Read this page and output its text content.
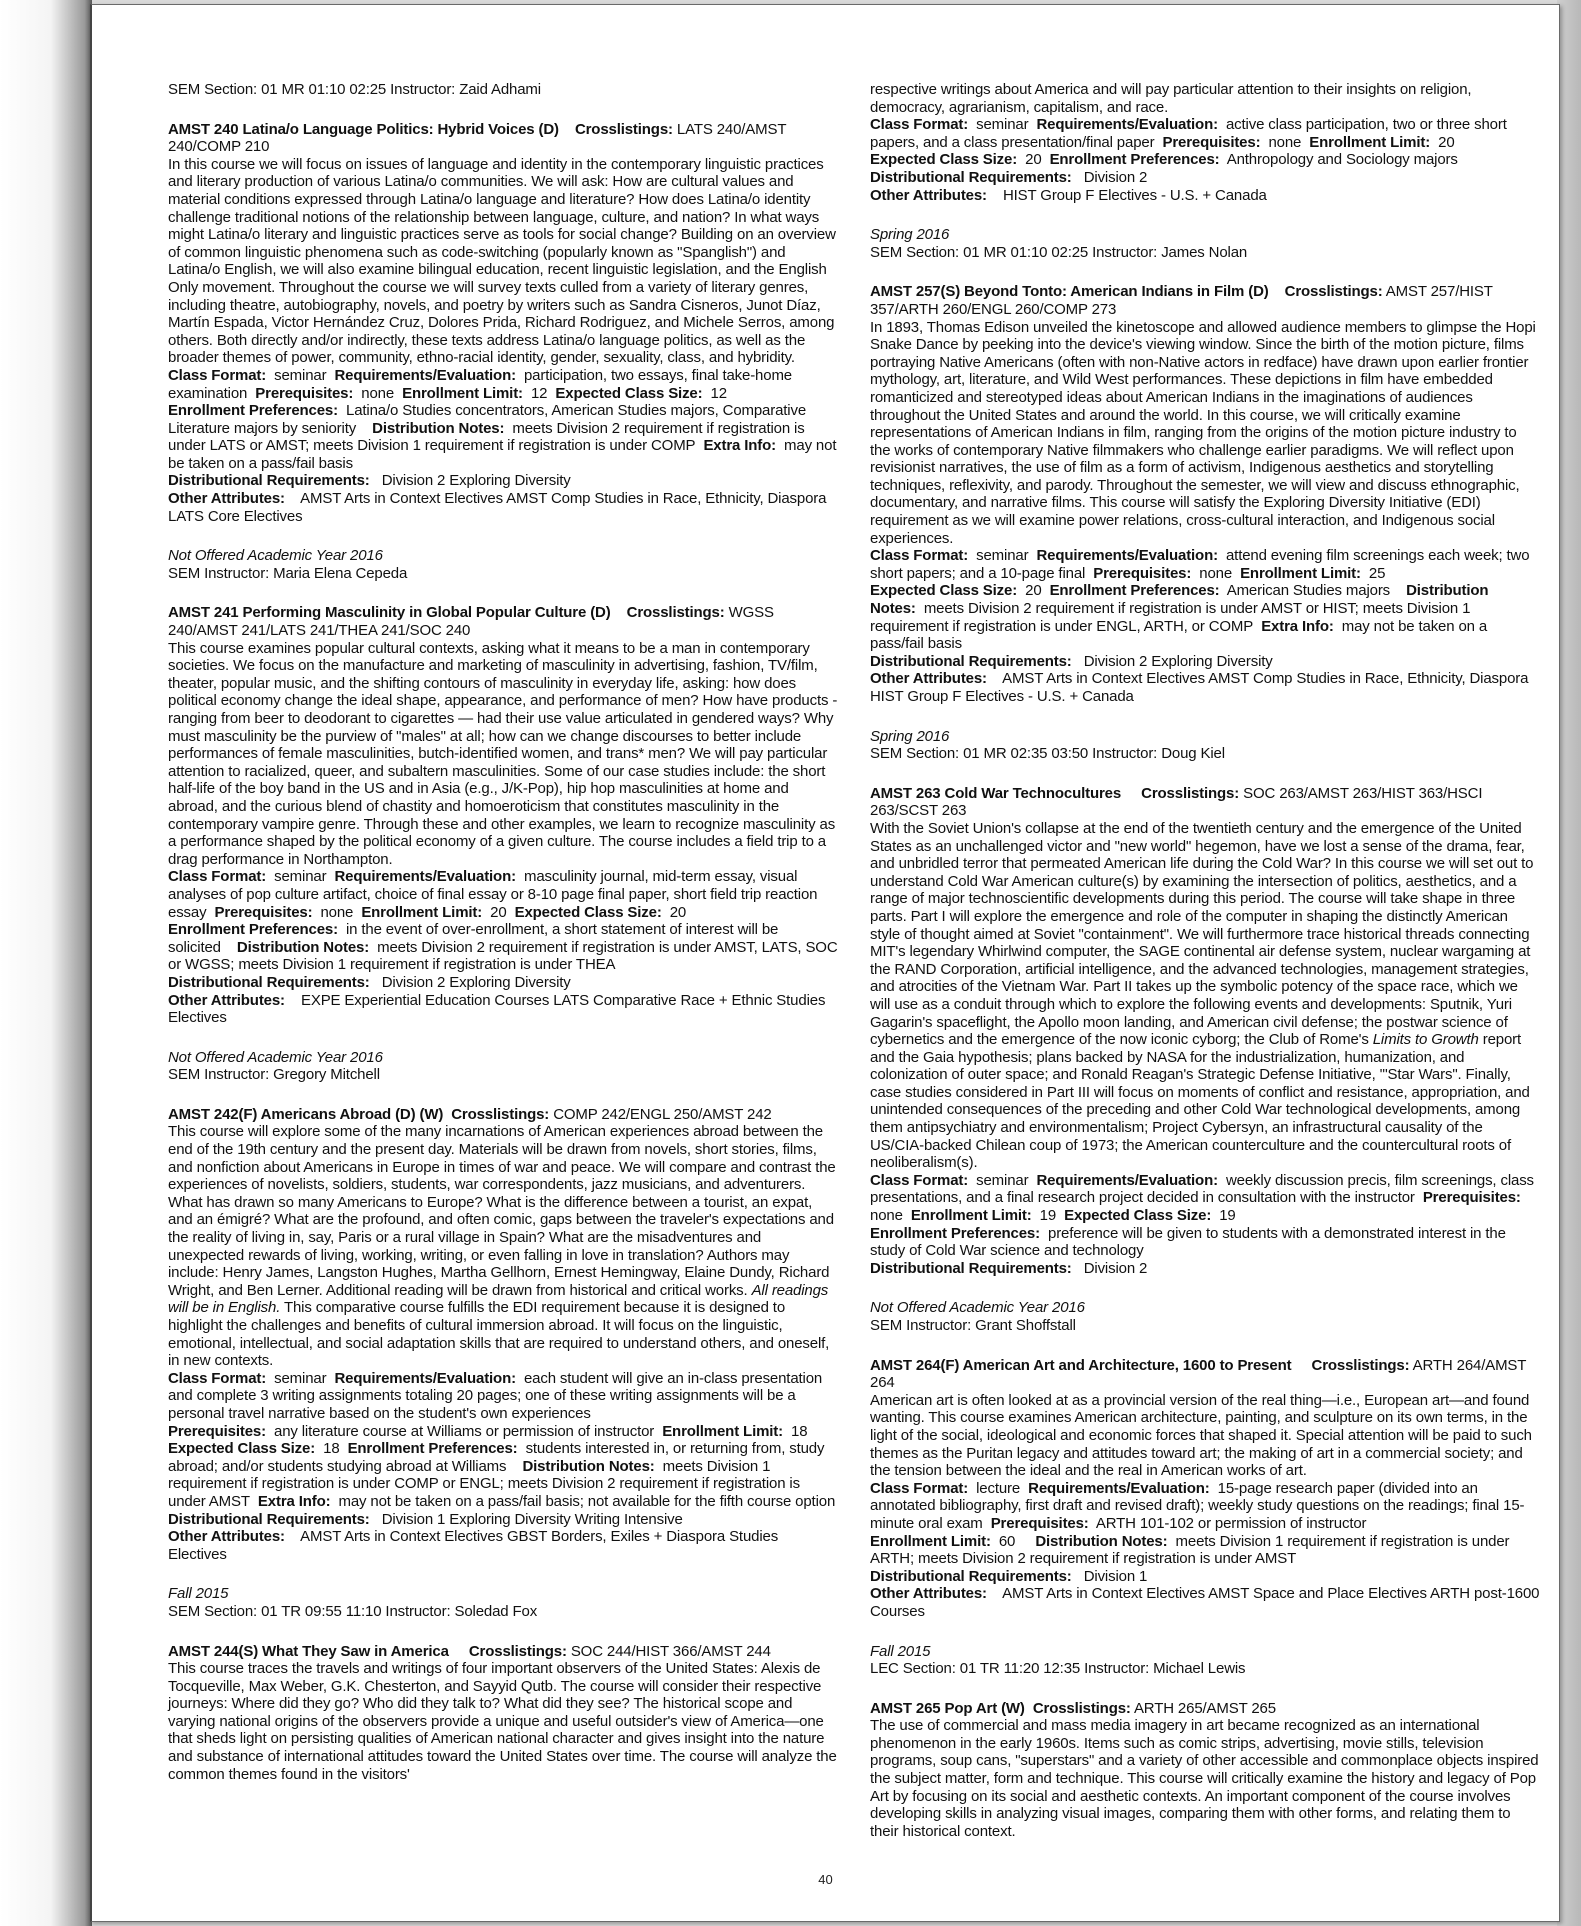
SEM Section: 01 MR 01:10 02:25 Instructor: Zaid Adhami

AMST 240 Latina/o Language Politics: Hybrid Voices (D) Crosslistings: LATS 240/AMST 240/COMP 210

In this course we will focus on issues of language and identity in the contemporary linguistic practices and literary production of various Latina/o communities. We will ask: How are cultural values and material conditions expressed through Latina/o language and literature? How does Latina/o identity challenge traditional notions of the relationship between language, culture, and nation? In what ways might Latina/o literary and linguistic practices serve as tools for social change? Building on an overview of common linguistic phenomena such as code-switching (popularly known as "Spanglish") and Latina/o English, we will also examine bilingual education, recent linguistic legislation, and the English Only movement. Throughout the course we will survey texts culled from a variety of literary genres, including theatre, autobiography, novels, and poetry by writers such as Sandra Cisneros, Junot Díaz, Martín Espada, Victor Hernández Cruz, Dolores Prida, Richard Rodriguez, and Michele Serros, among others. Both directly and/or indirectly, these texts address Latina/o language politics, as well as the broader themes of power, community, ethno-racial identity, gender, sexuality, class, and hybridity.

Class Format: seminar Requirements/Evaluation: participation, two essays, final take-home examination Prerequisites: none Enrollment Limit: 12 Expected Class Size: 12

Enrollment Preferences: Latina/o Studies concentrators, American Studies majors, Comparative Literature majors by seniority Distribution Notes: meets Division 2 requirement if registration is under LATS or AMST; meets Division 1 requirement if registration is under COMP Extra Info: may not be taken on a pass/fail basis

Distributional Requirements: Division 2 Exploring Diversity

Other Attributes: AMST Arts in Context Electives AMST Comp Studies in Race, Ethnicity, Diaspora LATS Core Electives

Not Offered Academic Year 2016

SEM Instructor: Maria Elena Cepeda

AMST 241 Performing Masculinity in Global Popular Culture (D) Crosslistings: WGSS 240/AMST 241/LATS 241/THEA 241/SOC 240

This course examines popular cultural contexts, asking what it means to be a man in contemporary societies. We focus on the manufacture and marketing of masculinity in advertising, fashion, TV/film, theater, popular music, and the shifting contours of masculinity in everyday life, asking: how does political economy change the ideal shape, appearance, and performance of men? How have products - ranging from beer to deodorant to cigarettes — had their use value articulated in gendered ways? Why must masculinity be the purview of "males" at all; how can we change discourses to better include performances of female masculinities, butch-identified women, and trans* men? We will pay particular attention to racialized, queer, and subaltern masculinities. Some of our case studies include: the short half-life of the boy band in the US and in Asia (e.g., J/K-Pop), hip hop masculinities at home and abroad, and the curious blend of chastity and homoeroticism that constitutes masculinity in the contemporary vampire genre. Through these and other examples, we learn to recognize masculinity as a performance shaped by the political economy of a given culture. The course includes a field trip to a drag performance in Northampton.

Class Format: seminar Requirements/Evaluation: masculinity journal, mid-term essay, visual analyses of pop culture artifact, choice of final essay or 8-10 page final paper, short field trip reaction essay Prerequisites: none Enrollment Limit: 20 Expected Class Size: 20

Enrollment Preferences: in the event of over-enrollment, a short statement of interest will be solicited Distribution Notes: meets Division 2 requirement if registration is under AMST, LATS, SOC or WGSS; meets Division 1 requirement if registration is under THEA

Distributional Requirements: Division 2 Exploring Diversity

Other Attributes: EXPE Experiential Education Courses LATS Comparative Race + Ethnic Studies Electives

Not Offered Academic Year 2016

SEM Instructor: Gregory Mitchell

AMST 242(F) Americans Abroad (D) (W) Crosslistings: COMP 242/ENGL 250/AMST 242

This course will explore some of the many incarnations of American experiences abroad between the end of the 19th century and the present day. Materials will be drawn from novels, short stories, films, and nonfiction about Americans in Europe in times of war and peace. We will compare and contrast the experiences of novelists, soldiers, students, war correspondents, jazz musicians, and adventurers. What has drawn so many Americans to Europe? What is the difference between a tourist, an expat, and an émigré? What are the profound, and often comic, gaps between the traveler's expectations and the reality of living in, say, Paris or a rural village in Spain? What are the misadventures and unexpected rewards of living, working, writing, or even falling in love in translation? Authors may include: Henry James, Langston Hughes, Martha Gellhorn, Ernest Hemingway, Elaine Dundy, Richard Wright, and Ben Lerner. Additional reading will be drawn from historical and critical works. All readings will be in English. This comparative course fulfills the EDI requirement because it is designed to highlight the challenges and benefits of cultural immersion abroad. It will focus on the linguistic, emotional, intellectual, and social adaptation skills that are required to understand others, and oneself, in new contexts.

Class Format: seminar Requirements/Evaluation: each student will give an in-class presentation and complete 3 writing assignments totaling 20 pages; one of these writing assignments will be a personal travel narrative based on the student's own experiences

Prerequisites: any literature course at Williams or permission of instructor Enrollment Limit: 18  Expected Class Size: 18 Enrollment Preferences: students interested in, or returning from, study abroad; and/or students studying abroad at Williams Distribution Notes: meets Division 1 requirement if registration is under COMP or ENGL; meets Division 2 requirement if registration is under AMST Extra Info: may not be taken on a pass/fail basis; not available for the fifth course option

Distributional Requirements: Division 1 Exploring Diversity Writing Intensive

Other Attributes: AMST Arts in Context Electives GBST Borders, Exiles + Diaspora Studies Electives

Fall 2015

SEM Section: 01 TR 09:55 11:10 Instructor: Soledad Fox

AMST 244(S) What They Saw in America Crosslistings: SOC 244/HIST 366/AMST 244

This course traces the travels and writings of four important observers of the United States: Alexis de Tocqueville, Max Weber, G.K. Chesterton, and Sayyid Qutb. The course will consider their respective journeys: Where did they go? Who did they talk to? What did they see? The historical scope and varying national origins of the observers provide a unique and useful outsider's view of America—one that sheds light on persisting qualities of American national character and gives insight into the nature and substance of international attitudes toward the United States over time. The course will analyze the common themes found in the visitors'

respective writings about America and will pay particular attention to their insights on religion, democracy, agrarianism, capitalism, and race.

Class Format: seminar Requirements/Evaluation: active class participation, two or three short papers, and a class presentation/final paper Prerequisites: none Enrollment Limit: 20

Expected Class Size: 20 Enrollment Preferences: Anthropology and Sociology majors

Distributional Requirements: Division 2

Other Attributes: HIST Group F Electives - U.S. + Canada

Spring 2016

SEM Section: 01 MR 01:10 02:25 Instructor: James Nolan

AMST 257(S) Beyond Tonto: American Indians in Film (D) Crosslistings: AMST 257/HIST 357/ARTH 260/ENGL 260/COMP 273

In 1893, Thomas Edison unveiled the kinetoscope and allowed audience members to glimpse the Hopi Snake Dance by peeking into the device's viewing window. Since the birth of the motion picture, films portraying Native Americans (often with non-Native actors in redface) have drawn upon earlier frontier mythology, art, literature, and Wild West performances. These depictions in film have embedded romanticized and stereotyped ideas about American Indians in the imaginations of audiences throughout the United States and around the world. In this course, we will critically examine representations of American Indians in film, ranging from the origins of the motion picture industry to the works of contemporary Native filmmakers who challenge earlier paradigms. We will reflect upon revisionist narratives, the use of film as a form of activism, Indigenous aesthetics and storytelling techniques, reflexivity, and parody. Throughout the semester, we will view and discuss ethnographic, documentary, and narrative films. This course will satisfy the Exploring Diversity Initiative (EDI) requirement as we will examine power relations, cross-cultural interaction, and Indigenous social experiences.

Class Format: seminar Requirements/Evaluation: attend evening film screenings each week; two short papers; and a 10-page final Prerequisites: none Enrollment Limit: 25

Expected Class Size: 20 Enrollment Preferences: American Studies majors Distribution Notes: meets Division 2 requirement if registration is under AMST or HIST; meets Division 1 requirement if registration is under ENGL, ARTH, or COMP Extra Info: may not be taken on a pass/fail basis

Distributional Requirements: Division 2 Exploring Diversity

Other Attributes: AMST Arts in Context Electives AMST Comp Studies in Race, Ethnicity, Diaspora HIST Group F Electives - U.S. + Canada

Spring 2016

SEM Section: 01 MR 02:35 03:50 Instructor: Doug Kiel

AMST 263 Cold War Technocultures Crosslistings: SOC 263/AMST 263/HIST 363/HSCI 263/SCST 263

With the Soviet Union's collapse at the end of the twentieth century and the emergence of the United States as an unchallenged victor and "new world" hegemon, have we lost a sense of the drama, fear, and unbridled terror that permeated American life during the Cold War? In this course we will set out to understand Cold War American culture(s) by examining the intersection of politics, aesthetics, and a range of major technoscientific developments during this period. The course will take shape in three parts. Part I will explore the emergence and role of the computer in shaping the distinctly American style of thought aimed at Soviet "containment". We will furthermore trace historical threads connecting MIT's legendary Whirlwind computer, the SAGE continental air defense system, nuclear wargaming at the RAND Corporation, artificial intelligence, and the advanced technologies, management strategies, and atrocities of the Vietnam War. Part II takes up the symbolic potency of the space race, which we will use as a conduit through which to explore the following events and developments: Sputnik, Yuri Gagarin's spaceflight, the Apollo moon landing, and American civil defense; the postwar science of cybernetics and the emergence of the now iconic cyborg; the Club of Rome's Limits to Growth report and the Gaia hypothesis; plans backed by NASA for the industrialization, humanization, and colonization of outer space; and Ronald Reagan's Strategic Defense Initiative, '"Star Wars". Finally, case studies considered in Part III will focus on moments of conflict and resistance, appropriation, and unintended consequences of the preceding and other Cold War technological developments, among them antipsychiatry and environmentalism; Project Cybersyn, an infrastructural causality of the US/CIA-backed Chilean coup of 1973; the American counterculture and the countercultural roots of neoliberalism(s).

Class Format: seminar Requirements/Evaluation: weekly discussion precis, film screenings, class presentations, and a final research project decided in consultation with the instructor Prerequisites:  none Enrollment Limit: 19 Expected Class Size: 19

Enrollment Preferences: preference will be given to students with a demonstrated interest in the study of Cold War science and technology

Distributional Requirements: Division 2

Not Offered Academic Year 2016

SEM Instructor: Grant Shoffstall

AMST 264(F) American Art and Architecture, 1600 to Present Crosslistings: ARTH 264/AMST 264

American art is often looked at as a provincial version of the real thing—i.e., European art—and found wanting. This course examines American architecture, painting, and sculpture on its own terms, in the light of the social, ideological and economic forces that shaped it. Special attention will be paid to such themes as the Puritan legacy and attitudes toward art; the making of art in a commercial society; and the tension between the ideal and the real in American works of art.

Class Format: lecture Requirements/Evaluation: 15-page research paper (divided into an annotated bibliography, first draft and revised draft); weekly study questions on the readings; final 15-minute oral exam Prerequisites: ARTH 101-102 or permission of instructor

Enrollment Limit: 60 Distribution Notes: meets Division 1 requirement if registration is under ARTH; meets Division 2 requirement if registration is under AMST

Distributional Requirements: Division 1

Other Attributes: AMST Arts in Context Electives AMST Space and Place Electives ARTH post-1600 Courses

Fall 2015

LEC Section: 01 TR 11:20 12:35 Instructor: Michael Lewis

AMST 265 Pop Art (W) Crosslistings: ARTH 265/AMST 265

The use of commercial and mass media imagery in art became recognized as an international phenomenon in the early 1960s. Items such as comic strips, advertising, movie stills, television programs, soup cans, "superstars" and a variety of other accessible and commonplace objects inspired the subject matter, form and technique. This course will critically examine the history and legacy of Pop Art by focusing on its social and aesthetic contexts. An important component of the course involves developing skills in analyzing visual images, comparing them with other forms, and relating them to their historical context.

40
